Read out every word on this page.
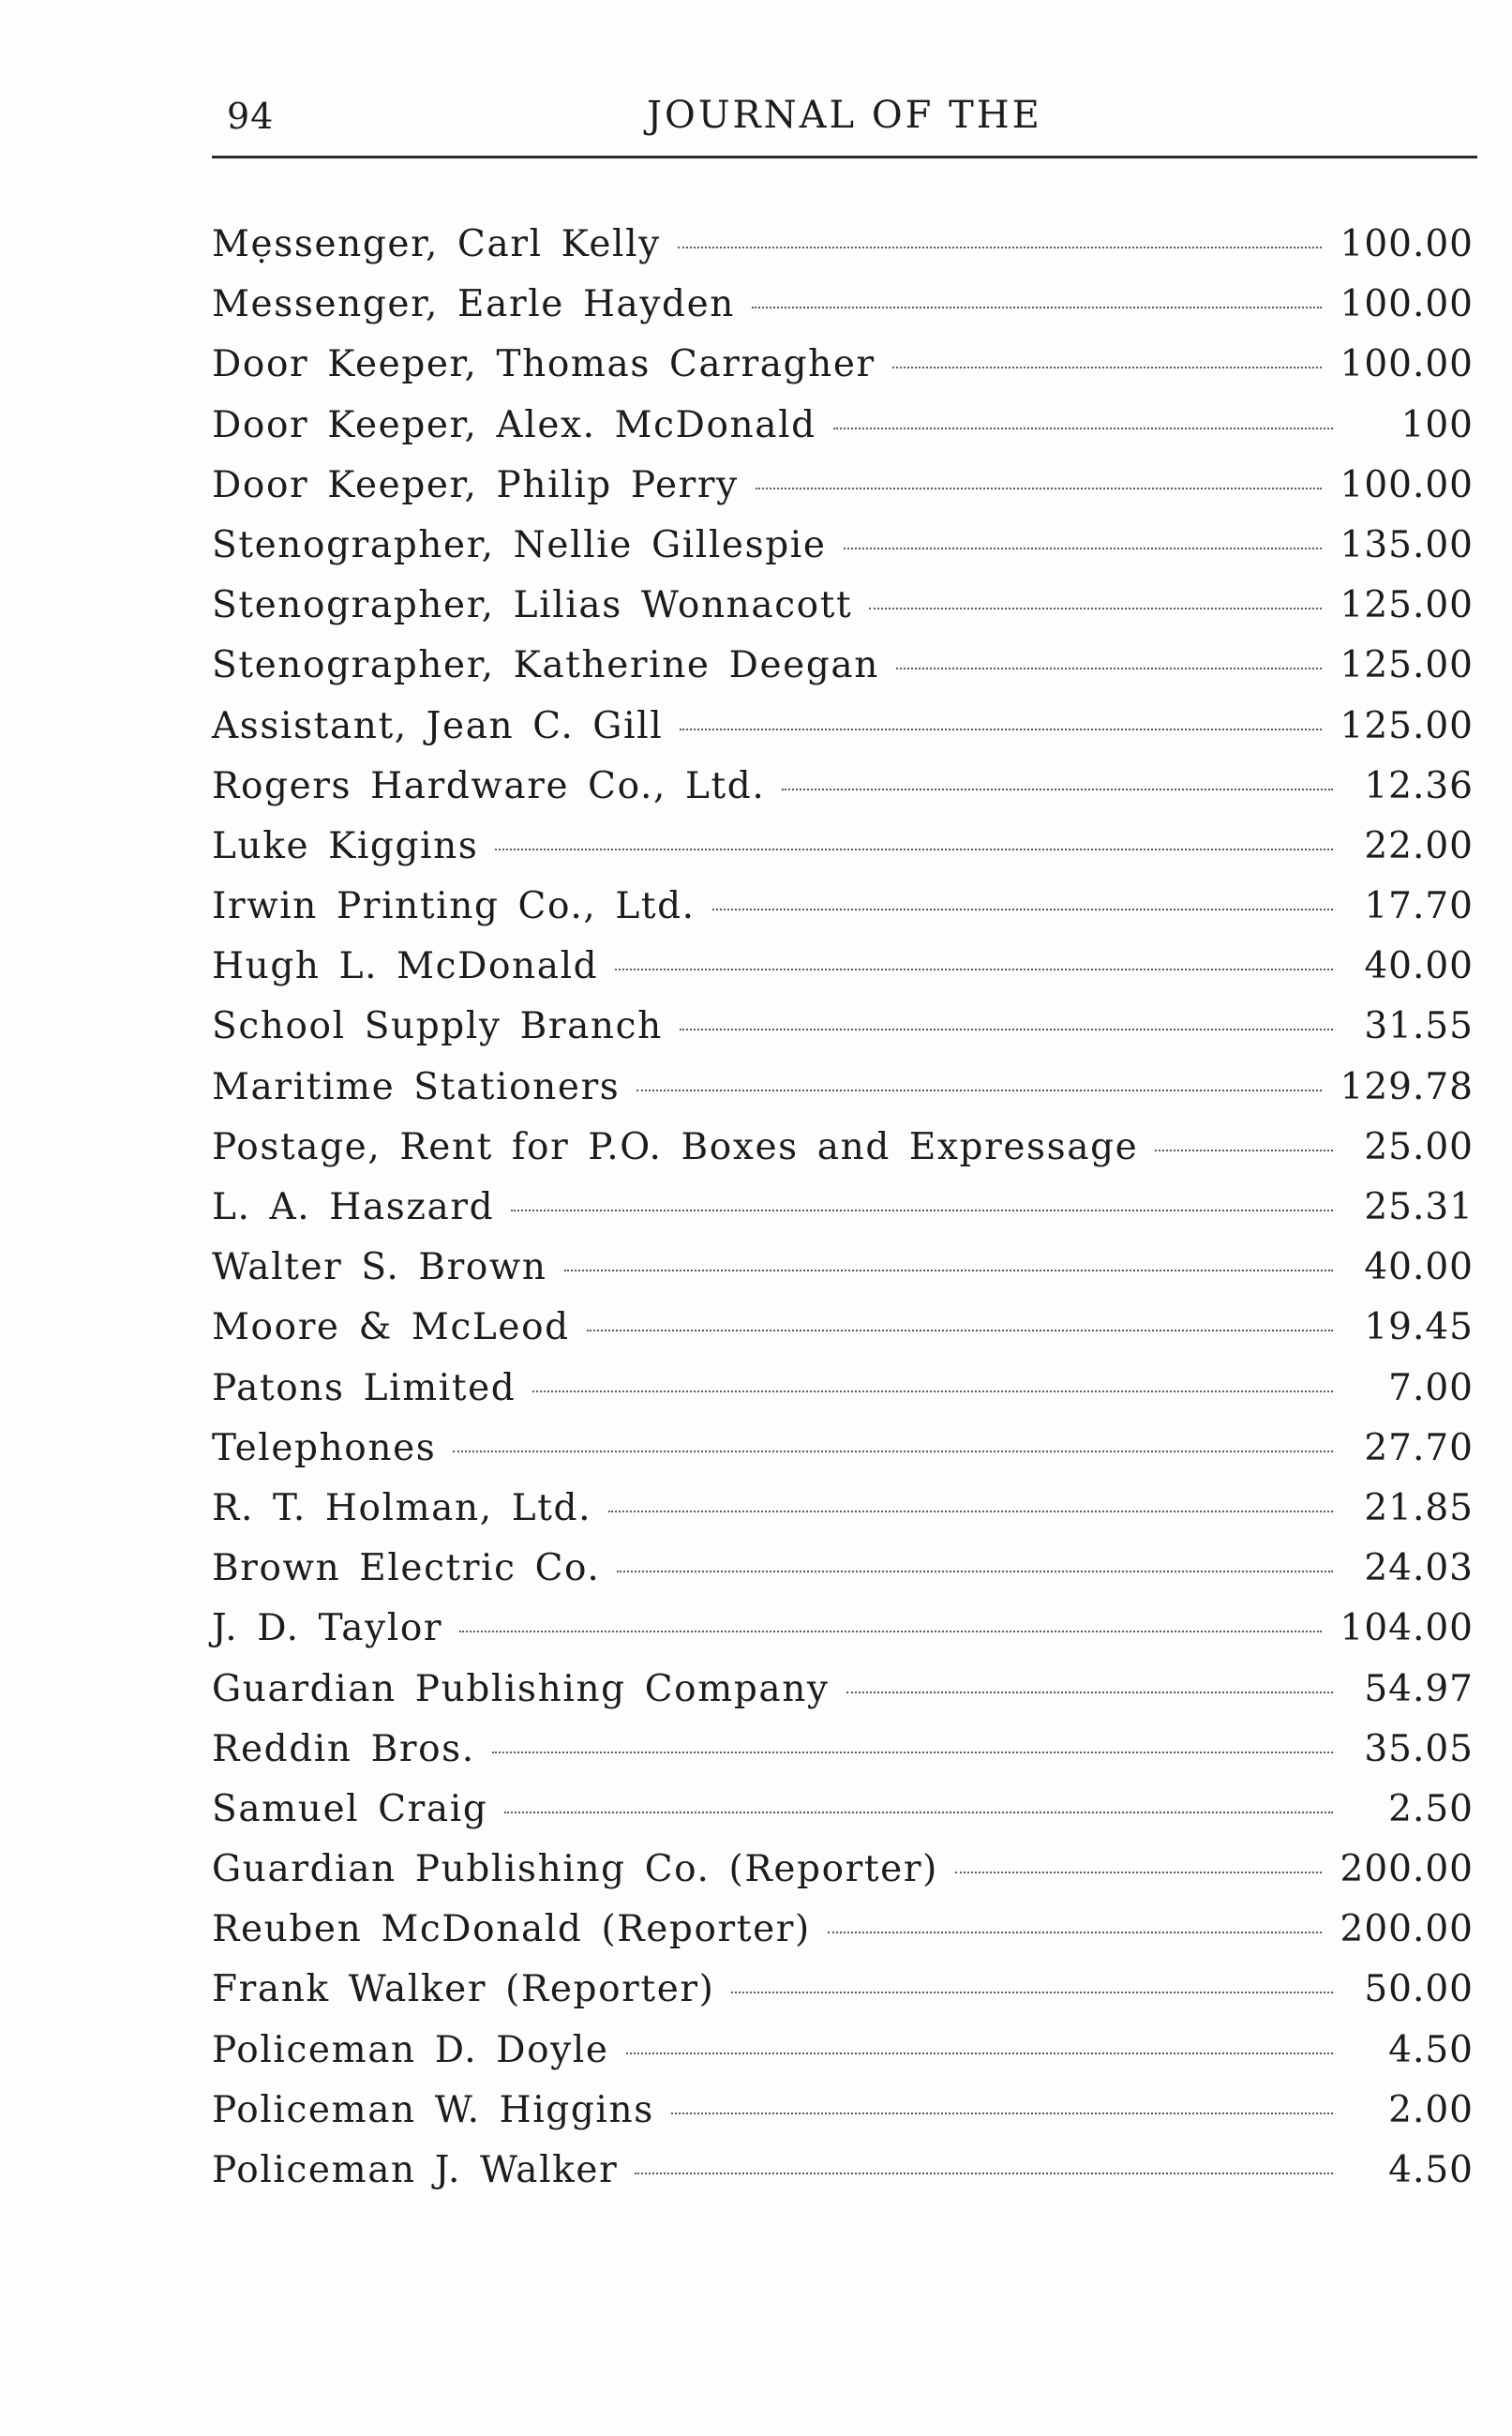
94	JOURNAL OF THE
Mẹssenger, Carl Kelly	100.00
Messenger, Earle Hayden	100.00
Door Keeper, Thomas Carragher	100.00
Door Keeper, Alex. McDonald	100
Door Keeper, Philip Perry	100.00
Stenographer, Nellie Gillespie	135.00
Stenographer, Lilias Wonnacott	125.00
Stenographer, Katherine Deegan	125.00
Assistant, Jean C. Gill	125.00
Rogers Hardware Co., Ltd.	12.36
Luke Kiggins	22.00
Irwin Printing Co., Ltd.	17.70
Hugh L. McDonald	40.00
School Supply Branch	31.55
Maritime Stationers	129.78
Postage, Rent for P.O. Boxes and Expressage	25.00
L. A. Haszard	25.31
Walter S. Brown	40.00
Moore & McLeod	19.45
Patons Limited	7.00
Telephones	27.70
R. T. Holman, Ltd.	21.85
Brown Electric Co.	24.03
J. D. Taylor	104.00
Guardian Publishing Company	54.97
Reddin Bros.	35.05
Samuel Craig	2.50
Guardian Publishing Co. (Reporter)	200.00
Reuben McDonald (Reporter)	200.00
Frank Walker (Reporter)	50.00
Policeman D. Doyle	4.50
Policeman W. Higgins	2.00
Policeman J. Walker	4.50
